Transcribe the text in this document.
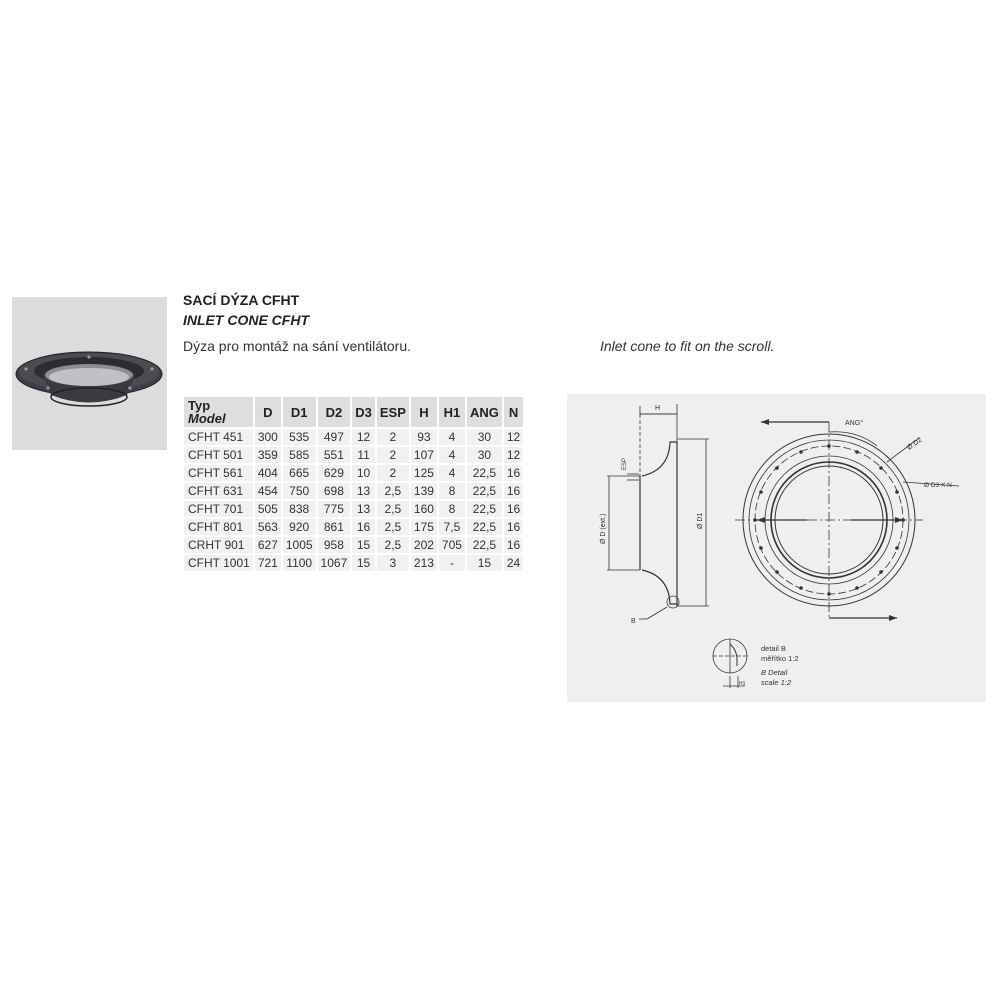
SACÍ DÝZA CFHT
INLET CONE CFHT
Dýza pro montáž na sání ventilátoru.	Inlet cone to fit on the scroll.
Typ
Model	D	D1	D2	D3	ESP	H	H1	ANG	N
CFHT 451	300	535	497	12	2	93	4	30	12
CFHT 501	359	585	551	11	2	107	4	30	12
CFHT 561	404	665	629	10	2	125	4	22,5	16
CFHT 631	454	750	698	13	2,5	139	8	22,5	16
CFHT 701	505	838	775	13	2,5	160	8	22,5	16
CFHT 801	563	920	861	16	2,5	175	7,5	22,5	16
CRHT 901	627	1005	958	15	2,5	202	705	22,5	16
CFHT 1001	721	1100	1067	15	3	213	-	15	24
H
Ø D (ext.)	Ø D1
ESP
B
ANG°
Ø D2
Ø D3 X N
H1
detail B
měřítko 1:2
B Detail
scale 1:2
